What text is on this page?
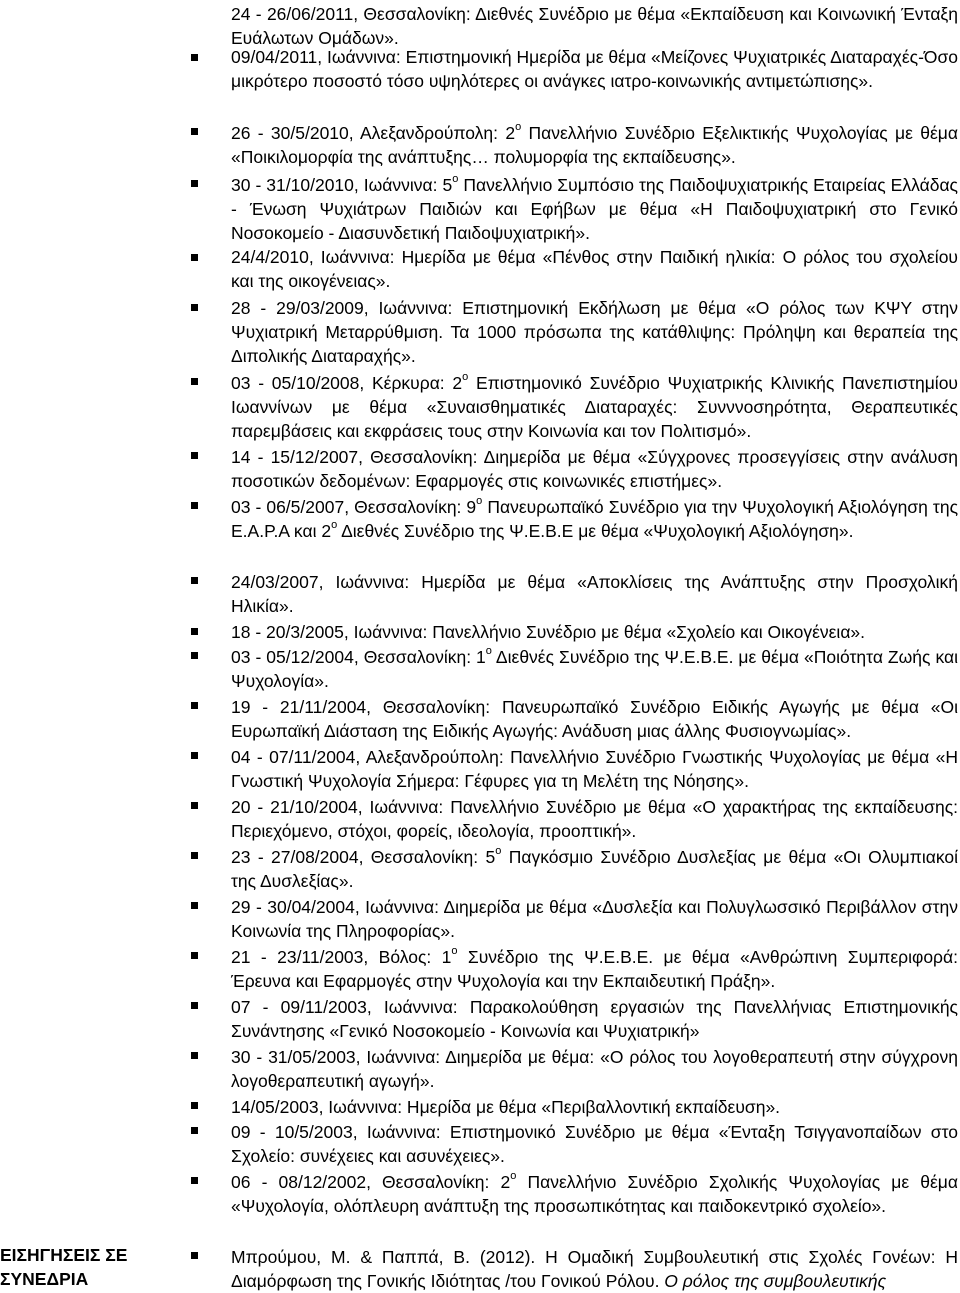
24 - 26/06/2011, Θεσσαλονίκη: Διεθνές Συνέδριο με θέμα «Εκπαίδευση και Κοινωνική Ένταξη Ευάλωτων Ομάδων».
09/04/2011, Ιωάννινα: Επιστημονική Ημερίδα με θέμα «Μείζονες Ψυχιατρικές Διαταραχές-Όσο μικρότερο ποσοστό τόσο υψηλότερες οι ανάγκες ιατρο-κοινωνικής αντιμετώπισης».
26 - 30/5/2010, Αλεξανδρούπολη: $2^o$ Πανελλήνιο Συνέδριο Εξελικτικής Ψυχολογίας με θέμα «Ποικιλομορφία της ανάπτυξης… πολυμορφία της εκπαίδευσης».
30 - 31/10/2010, Ιωάννινα: $5^o$ Πανελλήνιο Συμπόσιο της Παιδοψυχιατρικής Εταιρείας Ελλάδας - Ένωση Ψυχιάτρων Παιδιών και Εφήβων με θέμα «Η Παιδοψυχιατρική στο Γενικό Νοσοκομείο - Διασυνδετική Παιδοψυχιατρική».
24/4/2010, Ιωάννινα: Ημερίδα με θέμα «Πένθος στην Παιδική ηλικία: Ο ρόλος του σχολείου και της οικογένειας».
28 - 29/03/2009, Ιωάννινα: Επιστημονική Εκδήλωση με θέμα «Ο ρόλος των ΚΨΥ στην Ψυχιατρική Μεταρρύθμιση. Τα 1000 πρόσωπα της κατάθλιψης: Πρόληψη και θεραπεία της Διπολικής Διαταραχής».
03 - 05/10/2008, Κέρκυρα: $2^o$ Επιστημονικό Συνέδριο Ψυχιατρικής Κλινικής Πανεπιστημίου Ιωαννίνων με θέμα «Συναισθηματικές Διαταραχές: Συνννοσηρότητα, Θεραπευτικές παρεμβάσεις και εκφράσεις τους στην Κοινωνία και τον Πολιτισμό».
14 - 15/12/2007, Θεσσαλονίκη: Διημερίδα με θέμα «Σύγχρονες προσεγγίσεις στην ανάλυση ποσοτικών δεδομένων: Εφαρμογές στις κοινωνικές επιστήμες».
03 - 06/5/2007, Θεσσαλονίκη: $9^o$ Πανευρωπαϊκό Συνέδριο για την Ψυχολογική Αξιολόγηση της Ε.Α.Ρ.Α και $2^o$ Διεθνές Συνέδριο της Ψ.Ε.Β.Ε με θέμα «Ψυχολογική Αξιολόγηση».
24/03/2007, Ιωάννινα: Ημερίδα με θέμα «Αποκλίσεις της Ανάπτυξης στην Προσχολική Ηλικία».
18 - 20/3/2005, Ιωάννινα: Πανελλήνιο Συνέδριο με θέμα «Σχολείο και Οικογένεια».
03 - 05/12/2004, Θεσσαλονίκη: $1^o$ Διεθνές Συνέδριο της Ψ.Ε.Β.Ε. με θέμα «Ποιότητα Ζωής και Ψυχολογία».
19 - 21/11/2004, Θεσσαλονίκη: Πανευρωπαϊκό Συνέδριο Ειδικής Αγωγής με θέμα «Οι Ευρωπαϊκή Διάσταση της Ειδικής Αγωγής: Ανάδυση μιας άλλης Φυσιογνωμίας».
04 - 07/11/2004, Αλεξανδρούπολη: Πανελλήνιο Συνέδριο Γνωστικής Ψυχολογίας με θέμα «Η Γνωστική Ψυχολογία Σήμερα: Γέφυρες για τη Μελέτη της Νόησης».
20 - 21/10/2004, Ιωάννινα: Πανελλήνιο Συνέδριο με θέμα «Ο χαρακτήρας της εκπαίδευσης: Περιεχόμενο, στόχοι, φορείς, ιδεολογία, προοπτική».
23 - 27/08/2004, Θεσσαλονίκη: $5^o$ Παγκόσμιο Συνέδριο Δυσλεξίας με θέμα «Οι Ολυμπιακοί της Δυσλεξίας».
29 - 30/04/2004, Ιωάννινα: Διημερίδα με θέμα «Δυσλεξία και Πολυγλωσσικό Περιβάλλον στην Κοινωνία της Πληροφορίας».
21 - 23/11/2003, Βόλος: $1^o$ Συνέδριο της Ψ.Ε.Β.Ε. με θέμα «Ανθρώπινη Συμπεριφορά: Έρευνα και Εφαρμογές στην Ψυχολογία και την Εκπαιδευτική Πράξη».
07 - 09/11/2003, Ιωάννινα: Παρακολούθηση εργασιών της Πανελλήνιας Επιστημονικής Συνάντησης «Γενικό Νοσοκομείο - Κοινωνία και Ψυχιατρική»
30 - 31/05/2003, Ιωάννινα: Διημερίδα με θέμα: «Ο ρόλος του λογοθεραπευτή στην σύγχρονη λογοθεραπευτική αγωγή».
14/05/2003, Ιωάννινα: Ημερίδα με θέμα «Περιβαλλοντική εκπαίδευση».
09 - 10/5/2003, Ιωάννινα: Επιστημονικό Συνέδριο με θέμα «Ένταξη Τσιγγανοπαίδων στο Σχολείο: συνέχειες και ασυνέχειες».
06 - 08/12/2002, Θεσσαλονίκη: $2^o$ Πανελλήνιο Συνέδριο Σχολικής Ψυχολογίας με θέμα «Ψυχολογία, ολόπλευρη ανάπτυξη της προσωπικότητας και παιδοκεντρικό σχολείο».
Μπρούμου, Μ. & Παππά, Β. (2012). Η Ομαδική Συμβουλευτική στις Σχολές Γονέων: Η Διαμόρφωση της Γονικής Ιδιότητας /του Γονικού Ρόλου. Ο ρόλος της συμβουλευτικής
ΕΙΣΗΓΗΣΕΙΣ ΣΕ ΣΥΝΕΔΡΙΑ
